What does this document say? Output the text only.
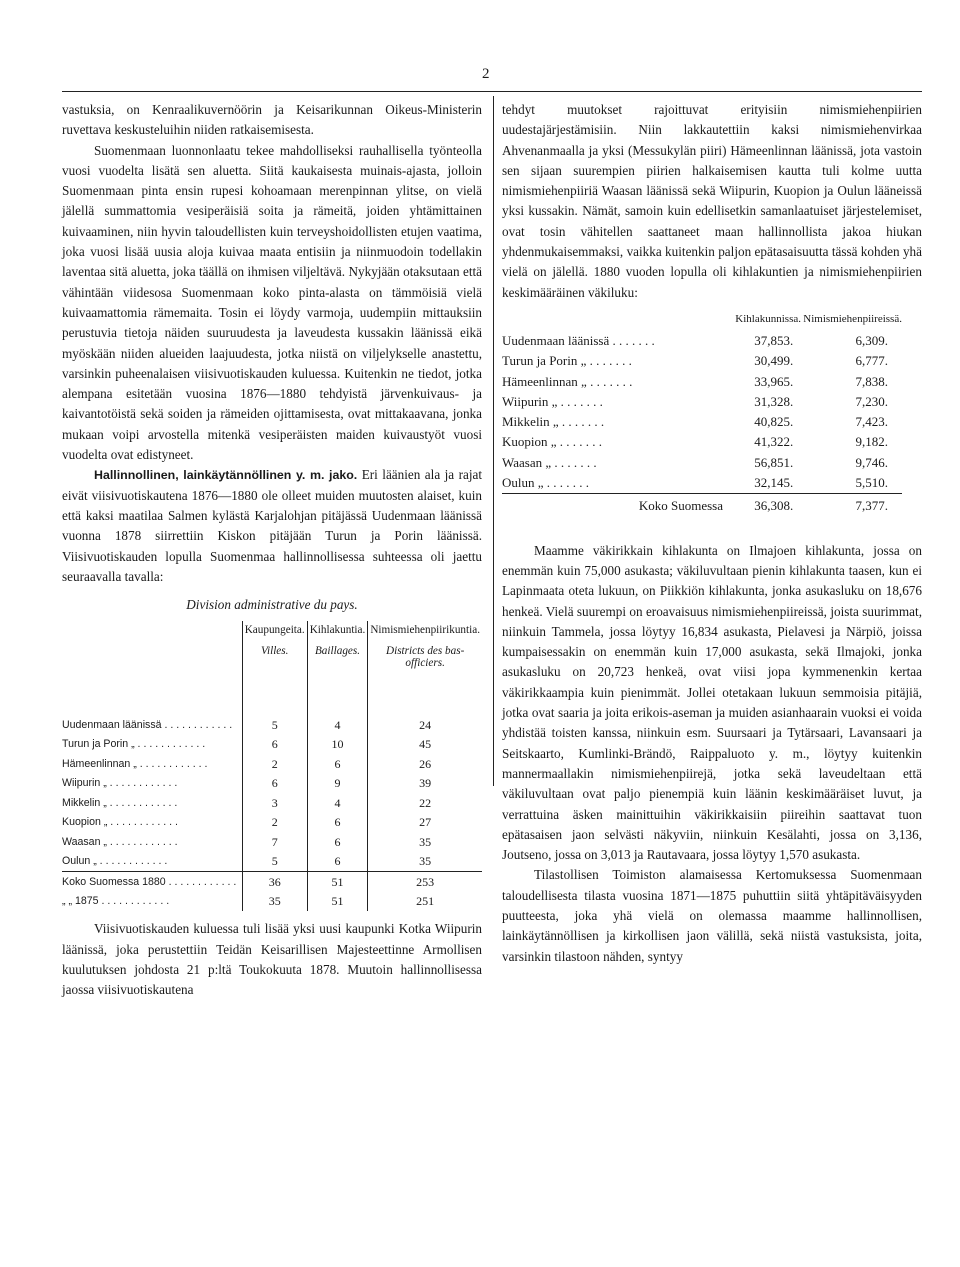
2

vastuksia, on Kenraalikuvernöörin ja Keisarikunnan Oikeus-Ministerin ruvettava keskusteluihin niiden ratkaisemisesta.

Suomenmaan luonnonlaatu tekee mahdolliseksi rauhallisella työnteolla vuosi vuodelta lisätä sen aluetta. Siitä kaukaisesta muinais-ajasta, jolloin Suomenmaan pinta ensin rupesi kohoamaan merenpinnan ylitse, on vielä jälellä summattomia vesiperäisiä soita ja rämeitä, joiden yhtämittainen kuivaaminen, niin hyvin taloudellisten kuin terveyshoidollisten etujen vaatima, joka vuosi lisää uusia aloja kuivaa maata entisiin ja niinmuodoin todellakin laventaa sitä aluetta, joka täällä on ihmisen viljeltävä. Nykyjään otaksutaan että vähintään viidesosa Suomenmaan koko pinta-alasta on tämmöisiä vielä kuivaamattomia rämemaita. Tosin ei löydy varmoja, uudempiin mittauksiin perustuvia tietoja näiden suuruudesta ja laveudesta kussakin läänissä eikä myöskään niiden alueiden laajuudesta, jotka niistä on viljelykselle anastettu, varsinkin puheenalaisen viisivuotiskauden kuluessa. Kuitenkin ne tiedot, jotka alempana esitetään vuosina 1876—1880 tehdyistä järvenkuivaus- ja kaivantotöistä sekä soiden ja rämeiden ojittamisesta, ovat mittakaavana, jonka mukaan voipi arvostella mitenkä vesiperäisten maiden kuivaustyöt vuosi vuodelta ovat edistyneet.

Hallinnollinen, lainkäytännöllinen y. m. jako. Eri läänien ala ja rajat eivät viisivuotiskautena 1876—1880 ole olleet muiden muutosten alaiset, kuin että kaksi maatilaa Salmen kylästä Karjalohjan pitäjässä Uudenmaan läänissä vuonna 1878 siirrettiin Kiskon pitäjään Turun ja Porin läänissä. Viisivuotiskauden lopulla Suomenmaa hallinnollisessa suhteessa oli jaettu seuraavalla tavalla:

Division administrative du pays.
	Kaupungeita.	Kihlakuntia.	Nimismiehenpiirikuntia.
	Villes.	Baillages.	Districts des bas-officiers.

Uudenmaan läänissä . . . . . . . . . . . .	5	4	24
Turun ja Porin „ . . . . . . . . . . . .	6	10	45
Hämeenlinnan „ . . . . . . . . . . . .	2	6	26
Wiipurin „ . . . . . . . . . . . .	6	9	39
Mikkelin „ . . . . . . . . . . . .	3	4	22
Kuopion „ . . . . . . . . . . . .	2	6	27
Waasan „ . . . . . . . . . . . .	7	6	35
Oulun „ . . . . . . . . . . . .	5	6	35
Koko Suomessa 1880 . . . . . . . . . . . .	36	51	253
„ „ 1875 . . . . . . . . . . . .	35	51	251

Viisivuotiskauden kuluessa tuli lisää yksi uusi kaupunki Kotka Wiipurin läänissä, joka perustettiin Teidän Keisarillisen Majesteettinne Armollisen kuulutuksen johdosta 21 p:ltä Toukokuuta 1878. Muutoin hallinnollisessa jaossa viisivuotiskautena

tehdyt muutokset rajoittuvat erityisiin nimismiehenpiirien uudestajärjestämisiin. Niin lakkautettiin kaksi nimismiehenvirkaa Ahvenanmaalla ja yksi (Messukylän piiri) Hämeenlinnan läänissä, jota vastoin sen sijaan suurempien piirien halkaisemisen kautta tuli kolme uutta nimismiehenpiiriä Waasan läänissä sekä Wiipurin, Kuopion ja Oulun lääneissä yksi kussakin. Nämät, samoin kuin edellisetkin samanlaatuiset järjestelemiset, ovat tosin vähitellen saattaneet maan hallinnollista jakoa hiukan yhdenmukaisemmaksi, vaikka kuitenkin paljon epätasaisuutta tässä kohden yhä vielä on jälellä. 1880 vuoden lopulla oli kihlakuntien ja nimismiehenpiirien keskimääräinen väkiluku:

	Kihlakunnissa.	Nimismiehenpiireissä.
Uudenmaan läänissä . . . . . . .	37,853.	6,309.
Turun ja Porin „ . . . . . . .	30,499.	6,777.
Hämeenlinnan „ . . . . . . .	33,965.	7,838.
Wiipurin „ . . . . . . .	31,328.	7,230.
Mikkelin „ . . . . . . .	40,825.	7,423.
Kuopion „ . . . . . . .	41,322.	9,182.
Waasan „ . . . . . . .	56,851.	9,746.
Oulun „ . . . . . . .	32,145.	5,510.
Koko Suomessa	36,308.	7,377.

Maamme väkirikkain kihlakunta on Ilmajoen kihlakunta, jossa on enemmän kuin 75,000 asukasta; väkiluvultaan pienin kihlakunta taasen, kun ei Lapinmaata oteta lukuun, on Piikkiön kihlakunta, jonka asukasluku on 18,676 henkeä. Vielä suurempi on eroavaisuus nimismiehenpiireissä, joista suurimmat, niinkuin Tammela, jossa löytyy 16,834 asukasta, Pielavesi ja Närpiö, joissa kumpaisessakin on enemmän kuin 17,000 asukasta, sekä Ilmajoki, jonka asukasluku on 20,723 henkeä, ovat viisi jopa kymmenenkin kertaa väkirikkaampia kuin pienimmät. Jollei otetakaan lukuun semmoisia pitäjiä, jotka ovat saaria ja joita erikois-aseman ja muiden asianhaarain vuoksi ei voida yhdistää toisten kanssa, niinkuin esm. Suursaari ja Tytärsaari, Lavansaari ja Seitskaarto, Kumlinki-Brändö, Raippaluoto y. m., löytyy kuitenkin mannermaallakin nimismiehenpiirejä, jotka sekä laveudeltaan että väkiluvultaan ovat paljo pienempiä kuin läänin keskimääräiset luvut, ja verrattuina äsken mainittuihin väkirikkaisiin piireihin saattavat tuon epätasaisen jaon selvästi näkyviin, niinkuin Kesälahti, jossa on 3,136, Joutseno, jossa on 3,013 ja Rautavaara, jossa löytyy 1,570 asukasta.

Tilastollisen Toimiston alamaisessa Kertomuksessa Suomenmaan taloudellisesta tilasta vuosina 1871—1875 puhuttiin siitä yhtäpitäväisyyden puutteesta, joka yhä vielä on olemassa maamme hallinnollisen, lainkäytännöllisen ja kirkollisen jaon välillä, sekä niistä vastuksista, joita, varsinkin tilastoon nähden, syntyy
